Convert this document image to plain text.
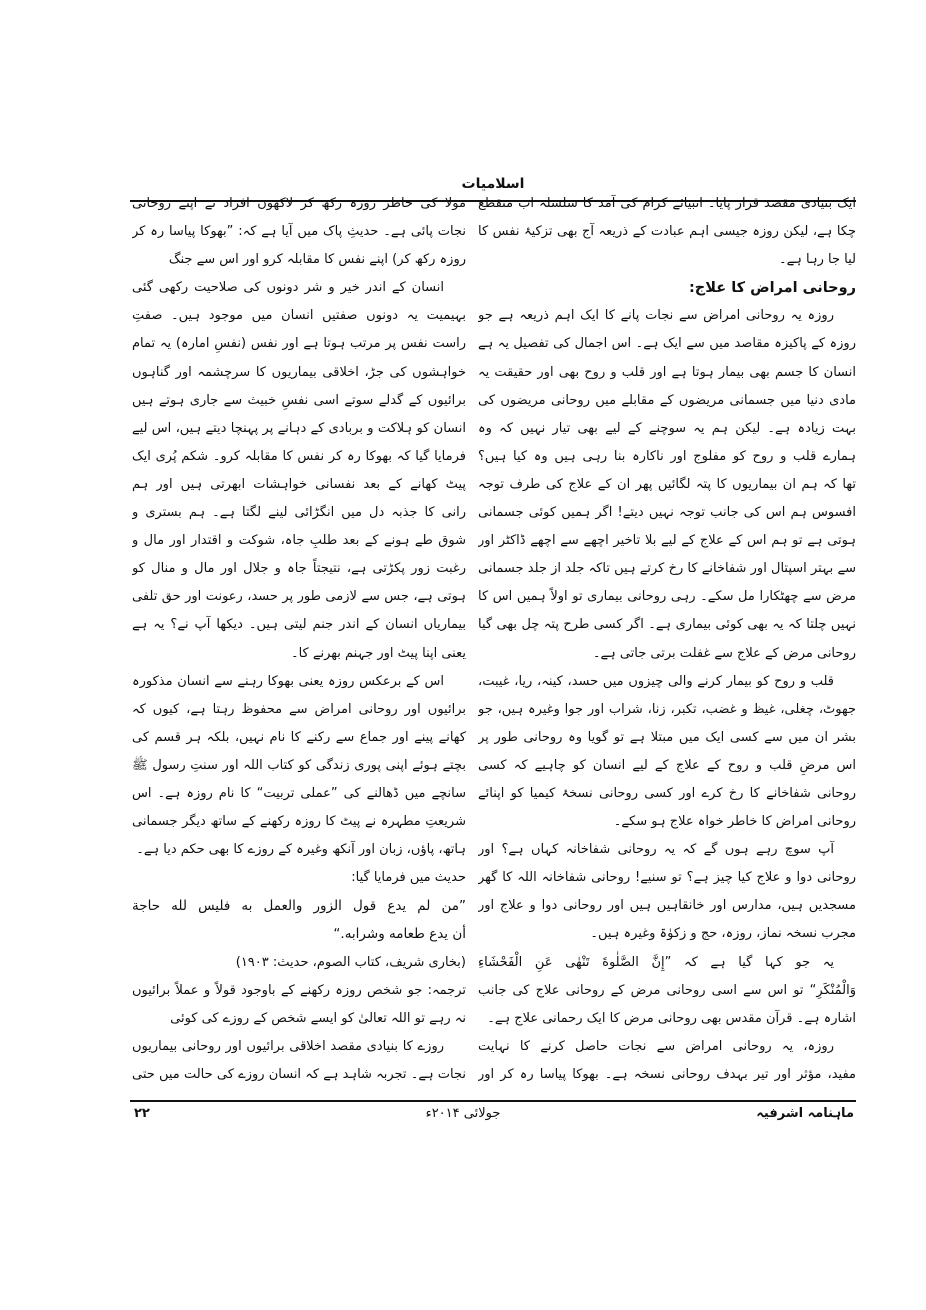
اسلامیات
ایک بنیادی مقصد قرار پایا۔ انبیائے کرام کی آمد کا سلسلہ اب منقطع
چکا ہے، لیکن روزہ جیسی اہم عبادت کے ذریعہ آج بھی تزکیۂ نفس کا
لیا جا رہا ہے۔
روحانی امراض کا علاج:
روزہ یہ روحانی امراض سے نجات پانے کا ایک اہم ذریعہ ہے جو
روزہ کے پاکیزہ مقاصد میں سے ایک ہے۔ اس اجمال کی تفصیل یہ ہے
انسان کا جسم بھی بیمار ہوتا ہے اور قلب و روح بھی اور حقیقت یہ
مادی دنیا میں جسمانی مریضوں کے مقابلے میں روحانی مریضوں کی
بہت زیادہ ہے۔ لیکن ہم یہ سوچنے کے لیے بھی تیار نہیں کہ وہ
ہمارے قلب و روح کو مفلوج اور ناکارہ بنا رہی ہیں وہ کیا ہیں؟
تھا کہ ہم ان بیماریوں کا پتہ لگائیں پھر ان کے علاج کی طرف توجہ
افسوس ہم اس کی جانب توجہ نہیں دیتے! اگر ہمیں کوئی جسمانی
ہوتی ہے تو ہم اس کے علاج کے لیے بلا تاخیر اچھے سے اچھے ڈاکٹر اور
سے بہتر اسپتال اور شفاخانے کا رخ کرتے ہیں تاکہ جلد از جلد جسمانی
مرض سے چھٹکارا مل سکے۔ رہی روحانی بیماری تو اولاً ہمیں اس کا
نہیں چلتا کہ یہ بھی کوئی بیماری ہے۔ اگر کسی طرح پتہ چل بھی گیا
روحانی مرض کے علاج سے غفلت برتی جاتی ہے۔
قلب و روح کو بیمار کرنے والی چیزوں میں حسد، کینہ، ریا، غیبت،
جھوٹ، چغلی، غیظ و غضب، تکبر، زنا، شراب اور جوا وغیرہ ہیں، جو
بشر ان میں سے کسی ایک میں مبتلا ہے تو گویا وہ روحانی طور پر
اس مرضِ قلب و روح کے علاج کے لیے انسان کو چاہیے کہ کسی
روحانی شفاخانے کا رخ کرے اور کسی روحانی نسخۂ کیمیا کو اپنائے
روحانی امراض کا خاطر خواہ علاج ہو سکے۔
آپ سوچ رہے ہوں گے کہ یہ روحانی شفاخانہ کہاں ہے؟ اور
روحانی دوا و علاج کیا چیز ہے؟ تو سنیے! روحانی شفاخانہ اللہ کا گھر
مسجدیں ہیں، مدارس اور خانقاہیں ہیں اور روحانی دوا و علاج اور
مجرب نسخہ نماز، روزہ، حج و زکوٰۃ وغیرہ ہیں۔
یہ جو کہا گیا ہے کہ ”إِنَّ الصَّلٰوةَ تَنْهٰى عَنِ الْفَحْشَاءِ
وَالْمُنْكَرِ“ تو اس سے اسی روحانی مرض کے روحانی علاج کی جانب
اشارہ ہے۔ قرآن مقدس بھی روحانی مرض کا ایک رحمانی علاج ہے۔
روزہ، یہ روحانی امراض سے نجات حاصل کرنے کا نہایت
مفید، مؤثر اور تیر بہدف روحانی نسخہ ہے۔ بھوکا پیاسا رہ کر اور
مولا کی خاطر روزہ رکھ کر لاکھوں افراد نے اپنے روحانی
نجات پائی ہے۔ حدیثِ پاک میں آیا ہے کہ: ”بھوکا پیاسا رہ کر
روزہ رکھ کر) اپنے نفس کا مقابلہ کرو اور اس سے جنگ
انسان کے اندر خیر و شر دونوں کی صلاحیت رکھی گئی
بہیمیت یہ دونوں صفتیں انسان میں موجود ہیں۔ صفتِ
راست نفس پر مرتب ہوتا ہے اور نفس (نفسِ امارہ) یہ تمام
خواہشوں کی جڑ، اخلاقی بیماریوں کا سرچشمہ اور گناہوں
برائیوں کے گدلے سوتے اسی نفسِ خبیث سے جاری ہوتے ہیں
انسان کو ہلاکت و بربادی کے دہانے پر پہنچا دیتے ہیں، اس لیے
فرمایا گیا کہ بھوکا رہ کر نفس کا مقابلہ کرو۔ شکم پُری ایک
پیٹ کھانے کے بعد نفسانی خواہشات ابھرتی ہیں اور ہم
رانی کا جذبہ دل میں انگڑائی لینے لگتا ہے۔ ہم بستری و
شوق طے ہونے کے بعد طلبِ جاہ، شوکت و اقتدار اور مال و
رغبت زور پکڑتی ہے، نتیجتاً جاہ و جلال اور مال و منال کو
ہوتی ہے، جس سے لازمی طور پر حسد، رعونت اور حق تلفی
بیماریاں انسان کے اندر جنم لیتی ہیں۔ دیکھا آپ نے؟ یہ ہے
یعنی اپنا پیٹ اور جہنم بھرنے کا۔
اس کے برعکس روزہ یعنی بھوکا رہنے سے انسان مذکورہ
برائیوں اور روحانی امراض سے محفوظ رہتا ہے، کیوں کہ
کھانے پینے اور جماع سے رکنے کا نام نہیں، بلکہ ہر قسم کی
بچتے ہوئے اپنی پوری زندگی کو کتاب اللہ اور سنتِ رسول ﷺ
سانچے میں ڈھالنے کی ”عملی تربیت“ کا نام روزہ ہے۔ اس
شریعتِ مطہرہ نے پیٹ کا روزہ رکھنے کے ساتھ دیگر جسمانی
ہاتھ، پاؤں، زبان اور آنکھ وغیرہ کے روزے کا بھی حکم دیا ہے۔
حدیث میں فرمایا گیا:
”من لم يدع قول الزور والعمل به فليس لله حاجة
أن يدع طعامه وشرابه.“
(بخاری شریف، کتاب الصوم، حدیث: ۱۹۰۳)
ترجمہ: جو شخص روزہ رکھنے کے باوجود قولاً و عملاً برائیوں
نہ رہے تو اللہ تعالیٰ کو ایسے شخص کے روزے کی کوئی
روزے کا بنیادی مقصد اخلاقی برائیوں اور روحانی بیماریوں
نجات ہے۔ تجربہ شاہد ہے کہ انسان روزے کی حالت میں حتی
ماہنامہ اشرفیہ
جولائی ۲۰۱۴ء
۲۲
